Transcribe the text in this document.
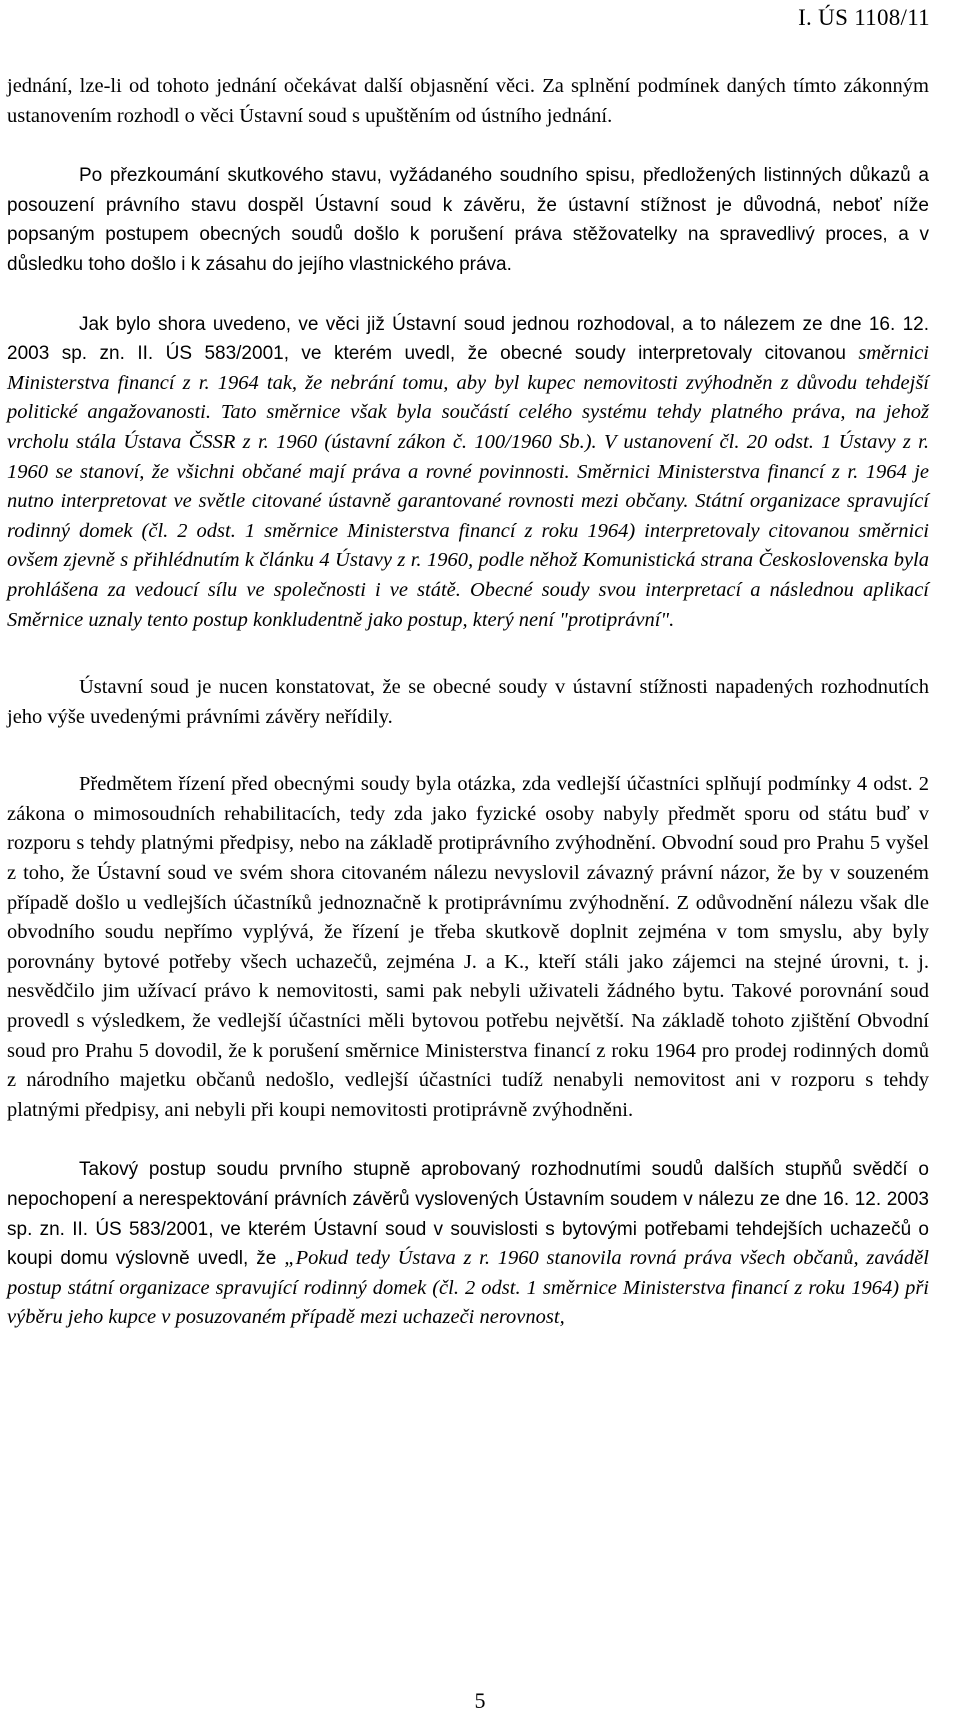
I. ÚS 1108/11

jednání, lze-li od tohoto jednání očekávat další objasnění věci. Za splnění podmínek daných tímto zákonným ustanovením rozhodl o věci Ústavní soud s upuštěním od ústního jednání.

Po přezkoumání skutkového stavu, vyžádaného soudního spisu, předložených listinných důkazů a posouzení právního stavu dospěl Ústavní soud k závěru, že ústavní stížnost je důvodná, neboť níže popsaným postupem obecných soudů došlo k porušení práva stěžovatelky na spravedlivý proces, a v důsledku toho došlo i k zásahu do jejího vlastnického práva.

Jak bylo shora uvedeno, ve věci již Ústavní soud jednou rozhodoval, a to nálezem ze dne 16. 12. 2003 sp. zn. II. ÚS 583/2001, ve kterém uvedl, že obecné soudy interpretovaly citovanou směrnici Ministerstva financí z r. 1964 tak, že nebrání tomu, aby byl kupec nemovitosti zvýhodněn z důvodu tehdejší politické angažovanosti. Tato směrnice však byla součástí celého systému tehdy platného práva, na jehož vrcholu stála Ústava ČSSR z r. 1960 (ústavní zákon č. 100/1960 Sb.). V ustanovení čl. 20 odst. 1 Ústavy z r. 1960 se stanoví, že všichni občané mají práva a rovné povinnosti. Směrnici Ministerstva financí z r. 1964 je nutno interpretovat ve světle citované ústavně garantované rovnosti mezi občany. Státní organizace spravující rodinný domek (čl. 2 odst. 1 směrnice Ministerstva financí z roku 1964) interpretovaly citovanou směrnici ovšem zjevně s přihlédnutím k článku 4 Ústavy z r. 1960, podle něhož Komunistická strana Československa byla prohlášena za vedoucí sílu ve společnosti i ve státě. Obecné soudy svou interpretací a následnou aplikací Směrnice uznaly tento postup konkludentně jako postup, který není "protiprávní".

Ústavní soud je nucen konstatovat, že se obecné soudy v ústavní stížnosti napadených rozhodnutích jeho výše uvedenými právními závěry neřídily.

Předmětem řízení před obecnými soudy byla otázka, zda vedlejší účastníci splňují podmínky 4 odst. 2 zákona o mimosoudních rehabilitacích, tedy zda jako fyzické osoby nabyly předmět sporu od státu buď v rozporu s tehdy platnými předpisy, nebo na základě protiprávního zvýhodnění. Obvodní soud pro Prahu 5 vyšel z toho, že Ústavní soud ve svém shora citovaném nálezu nevyslovil závazný právní názor, že by v souzeném případě došlo u vedlejších účastníků jednoznačně k protiprávnímu zvýhodnění. Z odůvodnění nálezu však dle obvodního soudu nepřímo vyplývá, že řízení je třeba skutkově doplnit zejména v tom smyslu, aby byly porovnány bytové potřeby všech uchazečů, zejména J. a K., kteří stáli jako zájemci na stejné úrovni, t. j. nesvědčilo jim užívací právo k nemovitosti, sami pak nebyli uživateli žádného bytu. Takové porovnání soud provedl s výsledkem, že vedlejší účastníci měli bytovou potřebu největší. Na základě tohoto zjištění Obvodní soud pro Prahu 5 dovodil, že k porušení směrnice Ministerstva financí z roku 1964 pro prodej rodinných domů z národního majetku občanů nedošlo, vedlejší účastníci tudíž nenabyli nemovitost ani v rozporu s tehdy platnými předpisy, ani nebyli při koupi nemovitosti protiprávně zvýhodněni.

Takový postup soudu prvního stupně aprobovaný rozhodnutími soudů dalších stupňů svědčí o nepochopení a nerespektování právních závěrů vyslovených Ústavním soudem v nálezu ze dne 16. 12. 2003 sp. zn. II. ÚS 583/2001, ve kterém Ústavní soud v souvislosti s bytovými potřebami tehdejších uchazečů o koupi domu výslovně uvedl, že „Pokud tedy Ústava z r. 1960 stanovila rovná práva všech občanů, zaváděl postup státní organizace spravující rodinný domek (čl. 2 odst. 1 směrnice Ministerstva financí z roku 1964) při výběru jeho kupce v posuzovaném případě mezi uchazeči nerovnost,

5
